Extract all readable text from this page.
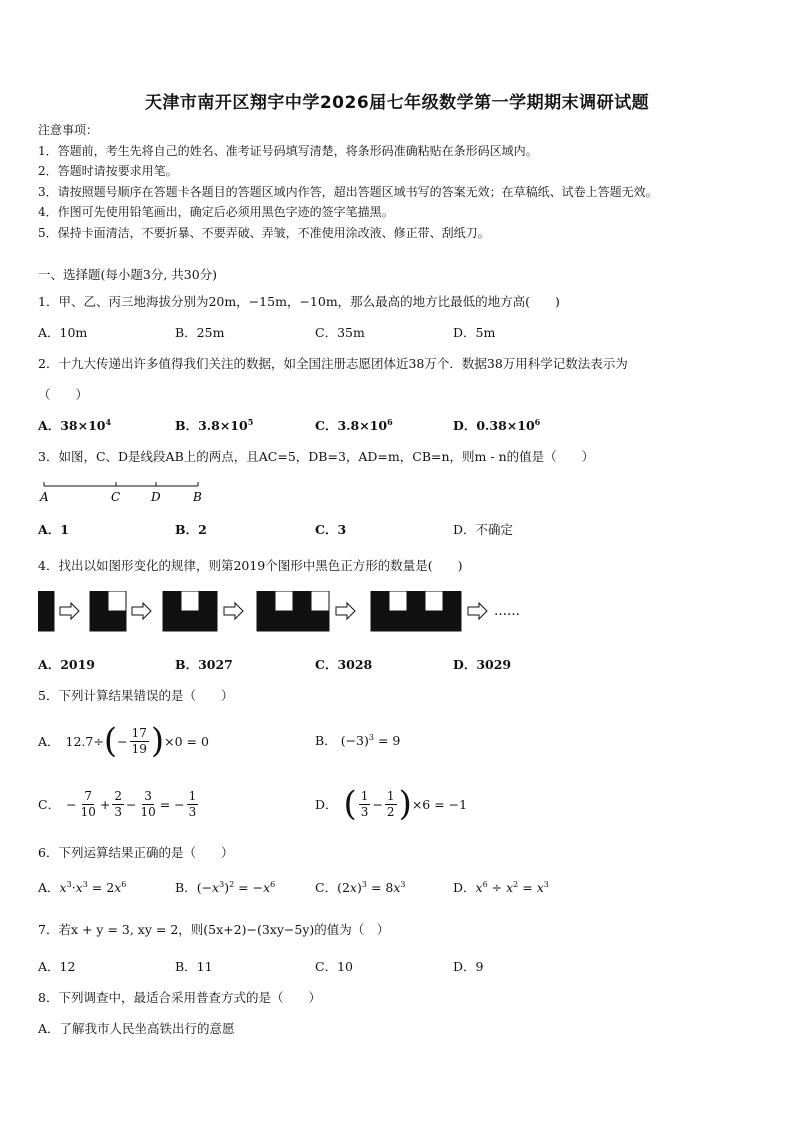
天津市南开区翔宇中学2026届七年级数学第一学期期末调研试题
注意事项：
1．答题前，考生先将自己的姓名、准考证号码填写清楚，将条形码准确粘贴在条形码区域内。
2．答题时请按要求用笔。
3．请按照题号顺序在答题卡各题目的答题区域内作答，超出答题区域书写的答案无效；在草稿纸、试卷上答题无效。
4．作图可先使用铅笔画出，确定后必须用黑色字迹的签字笔描黑。
5．保持卡面清洁，不要折暴、不要弄破、弄皱，不准使用涂改液、修正带、刮纸刀。
一、选择题(每小题3分, 共30分)
1．甲、乙、丙三地海拔分别为20m，−15m，−10m，那么最高的地方比最低的地方高(　　)
A．10m	B．25m	C．35m	D．5m
2．十九大传递出许多值得我们关注的数据，如全国注册志愿团体近38万个．数据38万用科学记数法表示为
（　　）
A．$38\times 10^4$	B．$3.8\times 10^5$	C．$3.8\times 10^6$	D．$0.38\times 10^6$
3．如图，C、D是线段AB上的两点，且AC=5，DB=3，AD=m，CB=n，则m - n的值是（　　）
A	C	D	B
A．1	B．2	C．3	D．不确定
4．找出以如图形变化的规律，则第2019个图形中黑色正方形的数量是(　　)
……
A．2019	B．3027	C．3028	D．3029
5．下列计算结果错误的是（　　）
A． 12.7÷ ( − $\frac{17}{19}$ ) ×0 = 0	B． $(-3)^3 = 9$
C． − $\frac{7}{10} + \frac{2}{3} - \frac{3}{10}$ = − $\frac{1}{3}$	D． ( $\frac{1}{3} - \frac{1}{2}$ ) ×6 = −1
6．下列运算结果正确的是（　　）
A．$x^3\cdot x^3 = 2x^6$	B．$(-x^3)^2 = -x^6$	C．$(2x)^3 = 8x^3$	D．$x^6 \div x^2 = x^3$
7．若x + y = 3, xy = 2，则(5x+2)−(3xy−5y)的值为（　）
A．12	B．11	C．10	D．9
8．下列调查中，最适合采用普查方式的是（　　）
A．了解我市人民坐高铁出行的意愿
